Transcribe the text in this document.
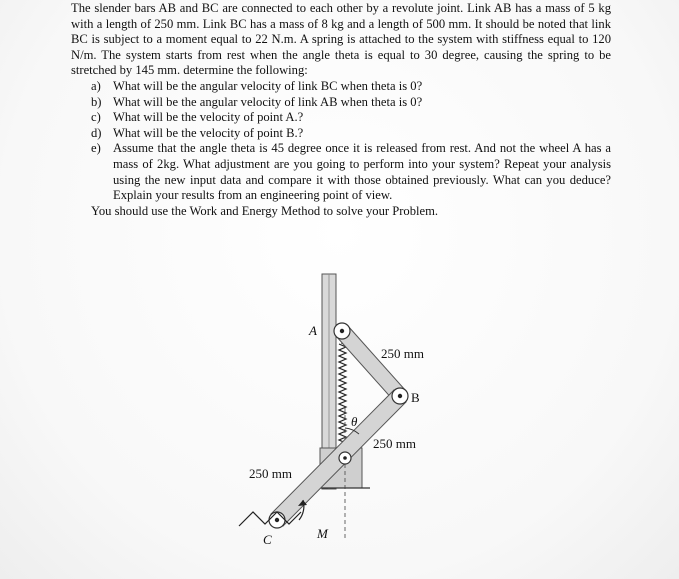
The slender bars AB and BC are connected to each other by a revolute joint. Link AB has a mass of 5 kg with a length of 250 mm. Link BC has a mass of 8 kg and a length of 500 mm. It should be noted that link BC is subject to a moment equal to 22 N.m. A spring is attached to the system with stiffness equal to 120 N/m. The system starts from rest when the angle theta is equal to 30 degree, causing the spring to be stretched by 145 mm. determine the following:

a) What will be the angular velocity of link BC when theta is 0?
b) What will be the angular velocity of link AB when theta is 0?
c) What will be the velocity of point A.?
d) What will be the velocity of point B.?
e) Assume that the angle theta is 45 degree once it is released from rest. And not the wheel A has a mass of 2kg. What adjustment are you going to perform into your system? Repeat your analysis using the new input data and compare it with those obtained previously. What can you deduce? Explain your results from an engineering point of view.

You should use the Work and Energy Method to solve your Problem.

A
B
C	M
θ
250 mm
250 mm
250 mm
